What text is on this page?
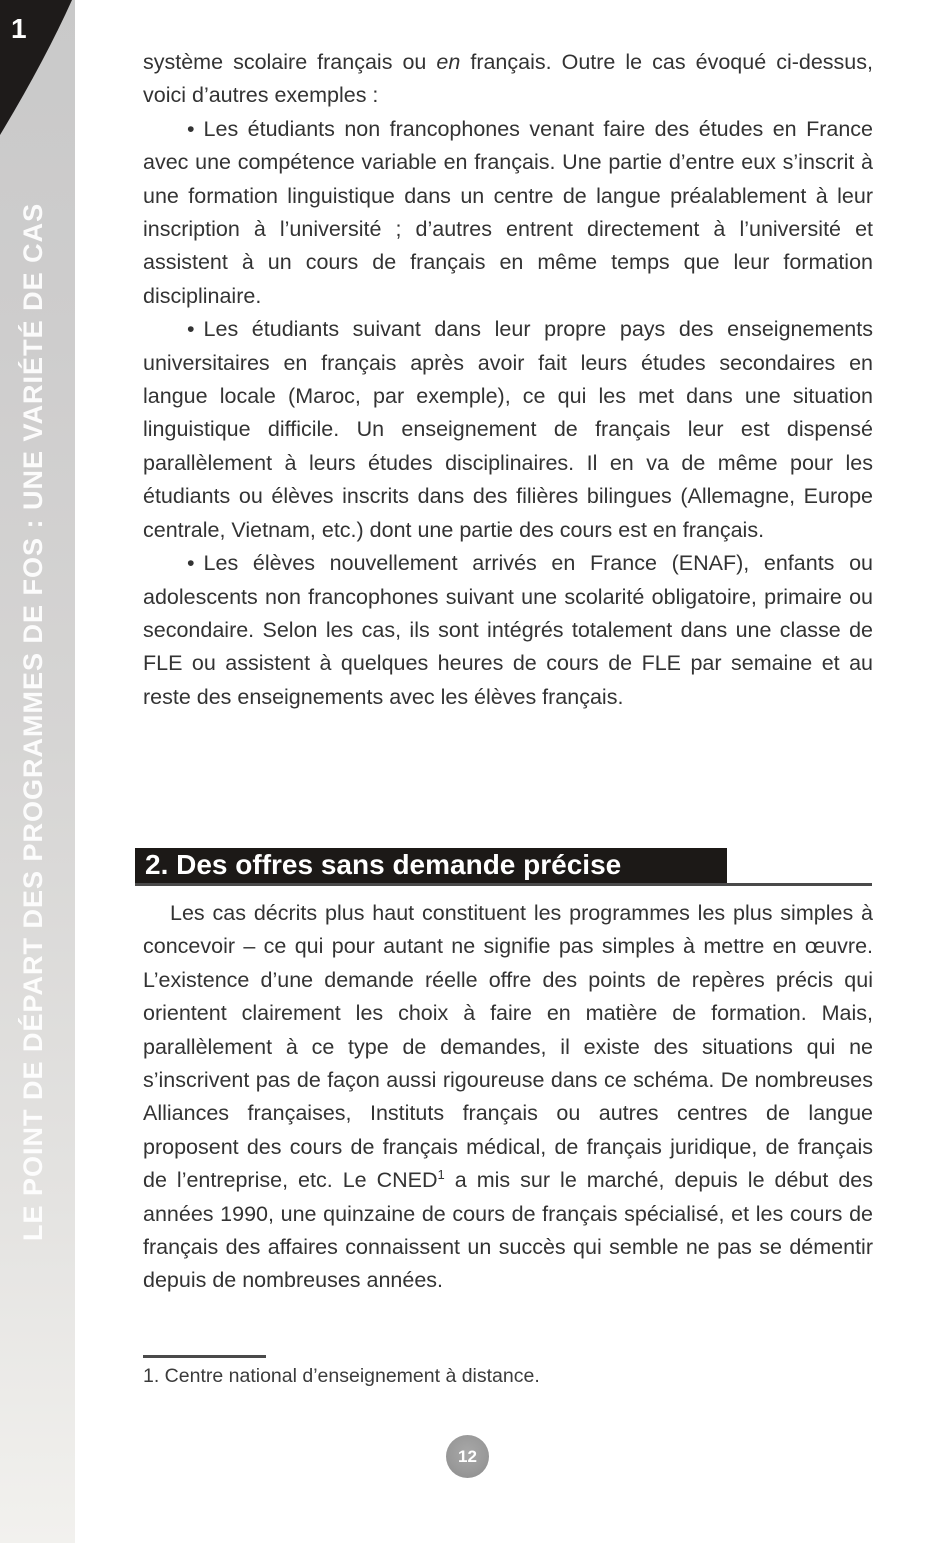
1
LE POINT DE DÉPART DES PROGRAMMES DE FOS : UNE VARIÉTÉ DE CAS

système scolaire français ou en français. Outre le cas évoqué ci-dessus, voici d’autres exemples :

• Les étudiants non francophones venant faire des études en France avec une compétence variable en français. Une partie d’entre eux s’inscrit à une formation linguistique dans un centre de langue préalablement à leur inscription à l’université ; d’autres entrent directement à l’université et assistent à un cours de français en même temps que leur formation disciplinaire.

• Les étudiants suivant dans leur propre pays des enseignements universitaires en français après avoir fait leurs études secondaires en langue locale (Maroc, par exemple), ce qui les met dans une situation linguistique difficile. Un enseignement de français leur est dispensé parallèlement à leurs études disciplinaires. Il en va de même pour les étudiants ou élèves inscrits dans des filières bilingues (Allemagne, Europe centrale, Vietnam, etc.) dont une partie des cours est en français.

• Les élèves nouvellement arrivés en France (ENAF), enfants ou adolescents non francophones suivant une scolarité obligatoire, primaire ou secondaire. Selon les cas, ils sont intégrés totalement dans une classe de FLE ou assistent à quelques heures de cours de FLE par semaine et au reste des enseignements avec les élèves français.

2. Des offres sans demande précise

Les cas décrits plus haut constituent les programmes les plus simples à concevoir – ce qui pour autant ne signifie pas simples à mettre en œuvre. L’existence d’une demande réelle offre des points de repères précis qui orientent clairement les choix à faire en matière de formation. Mais, parallèlement à ce type de demandes, il existe des situations qui ne s’inscrivent pas de façon aussi rigoureuse dans ce schéma. De nombreuses Alliances françaises, Instituts français ou autres centres de langue proposent des cours de français médical, de français juridique, de français de l’entreprise, etc. Le CNED$^1$ a mis sur le marché, depuis le début des années 1990, une quinzaine de cours de français spécialisé, et les cours de français des affaires connaissent un succès qui semble ne pas se démentir depuis de nombreuses années.

1. Centre national d’enseignement à distance.

12
